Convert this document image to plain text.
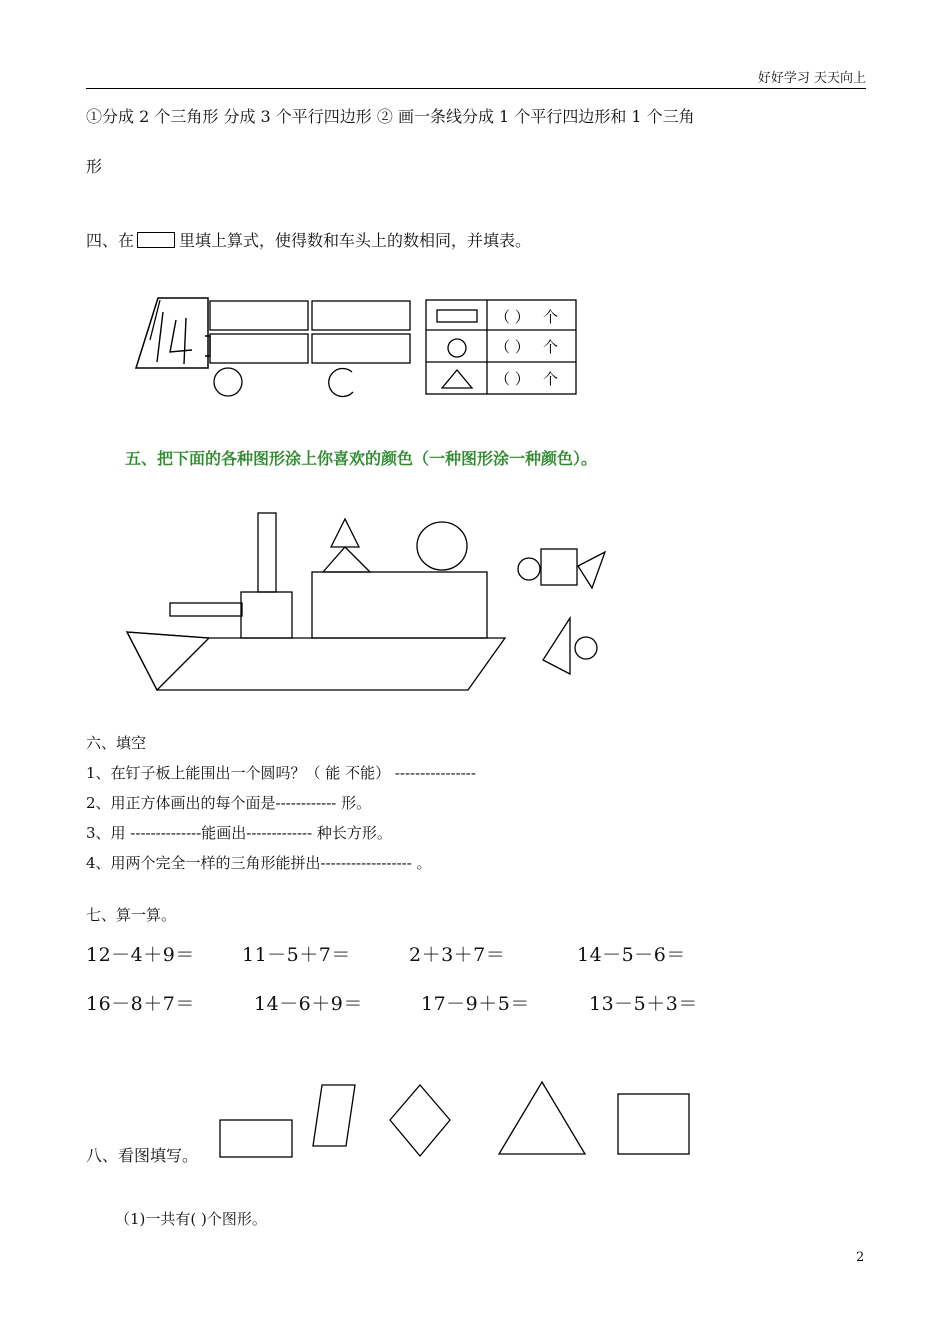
好好学习 天天向上
①分成 2 个三角形 分成 3 个平行四边形 ② 画一条线分成 1 个平行四边形和 1 个三角
形
四、在	里填上算式，使得数和车头上的数相同，并填表。
14
（ ） 个
（ ） 个
（ ） 个
五、把下面的各种图形涂上你喜欢的颜色（一种图形涂一种颜色）。
六、填空
1、在钉子板上能围出一个圆吗？（ 能 不能） ----------------
2、用正方体画出的每个面是------------ 形。
3、用 --------------能画出------------- 种长方形。
4、用两个完全一样的三角形能拼出------------------ 。
七、算一算。
12－4＋9＝ 11－5＋7＝	2＋3＋7＝	14－5－6＝
16－8＋7＝	14－6＋9＝	17－9＋5＝	13－5＋3＝
八、看图填写。
（1)一共有( )个图形。
2
